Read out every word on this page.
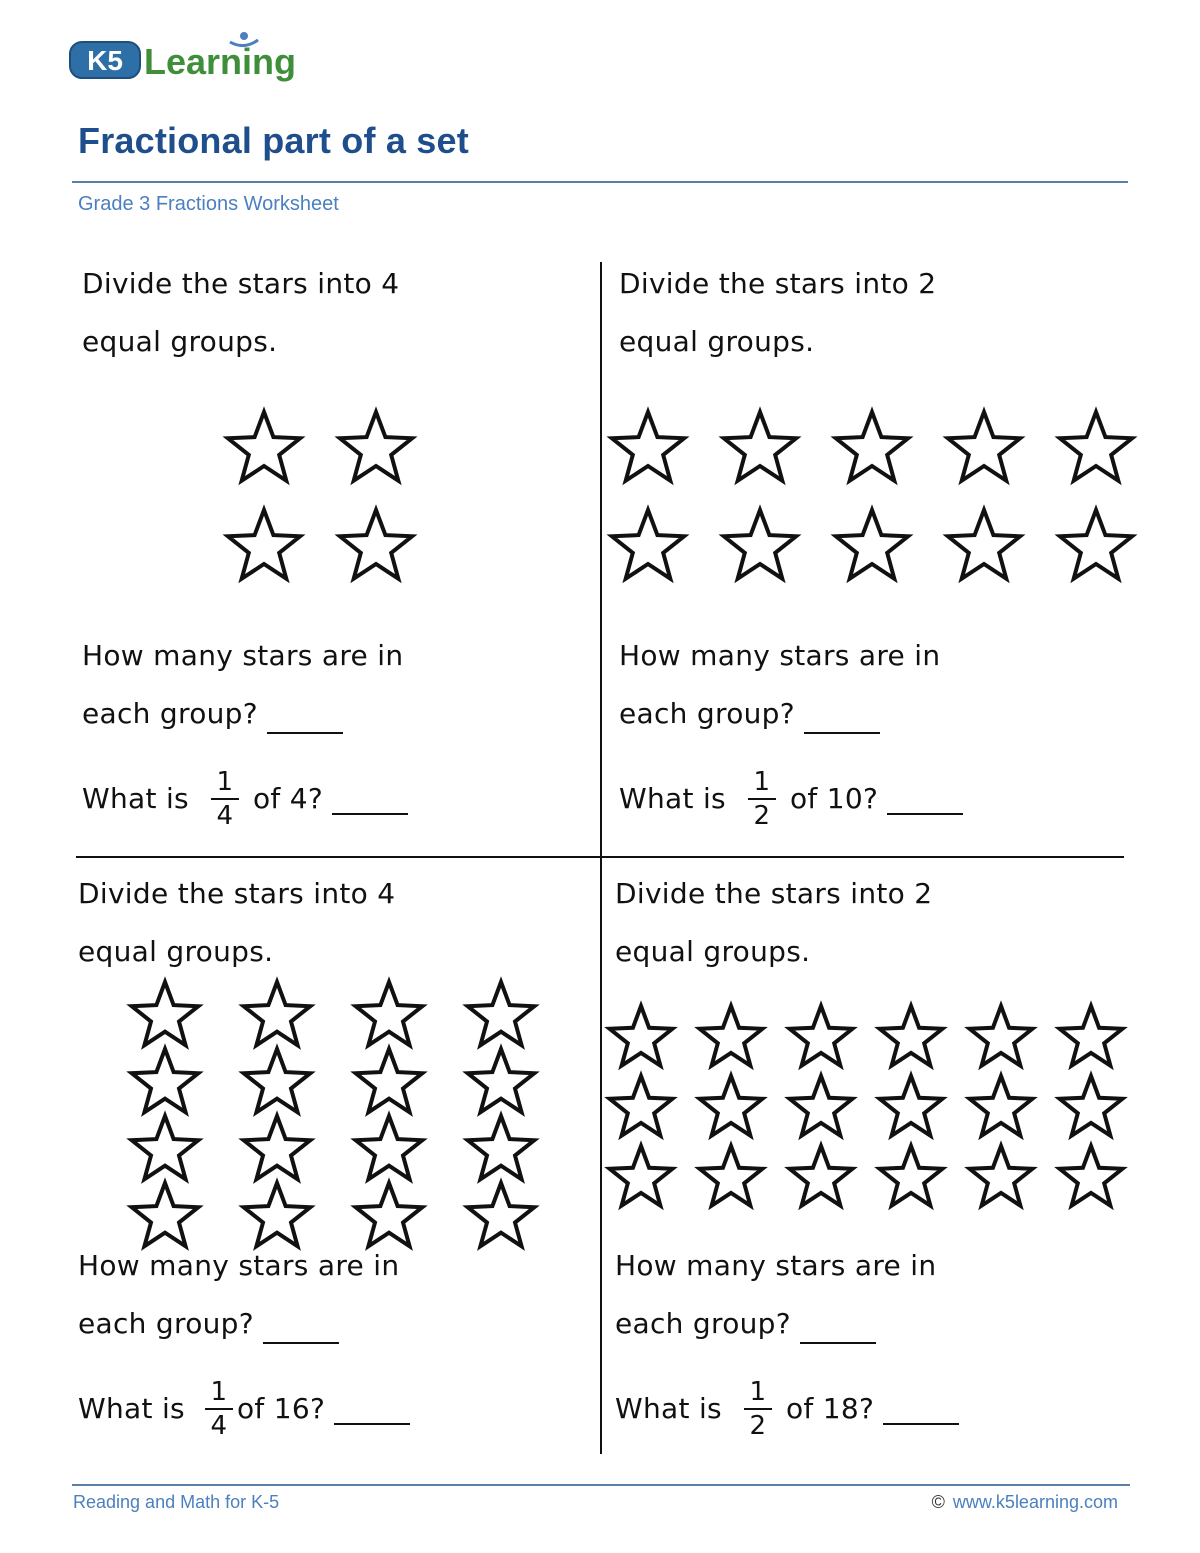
K5 Learning
Fractional part of a set
Grade 3 Fractions Worksheet

Divide the stars into 4

equal groups.

How many stars are in

each group?

What is $\frac{1}{4}$ of 4?

Divide the stars into 2

equal groups.

How many stars are in

each group?

What is $\frac{1}{2}$ of 10?

Divide the stars into 4

equal groups.

How many stars are in

each group?

What is $\frac{1}{4}$ of 16?

Divide the stars into 2

equal groups.

How many stars are in

each group?

What is $\frac{1}{2}$ of 18?

Reading and Math for K-5	© www.k5learning.com
